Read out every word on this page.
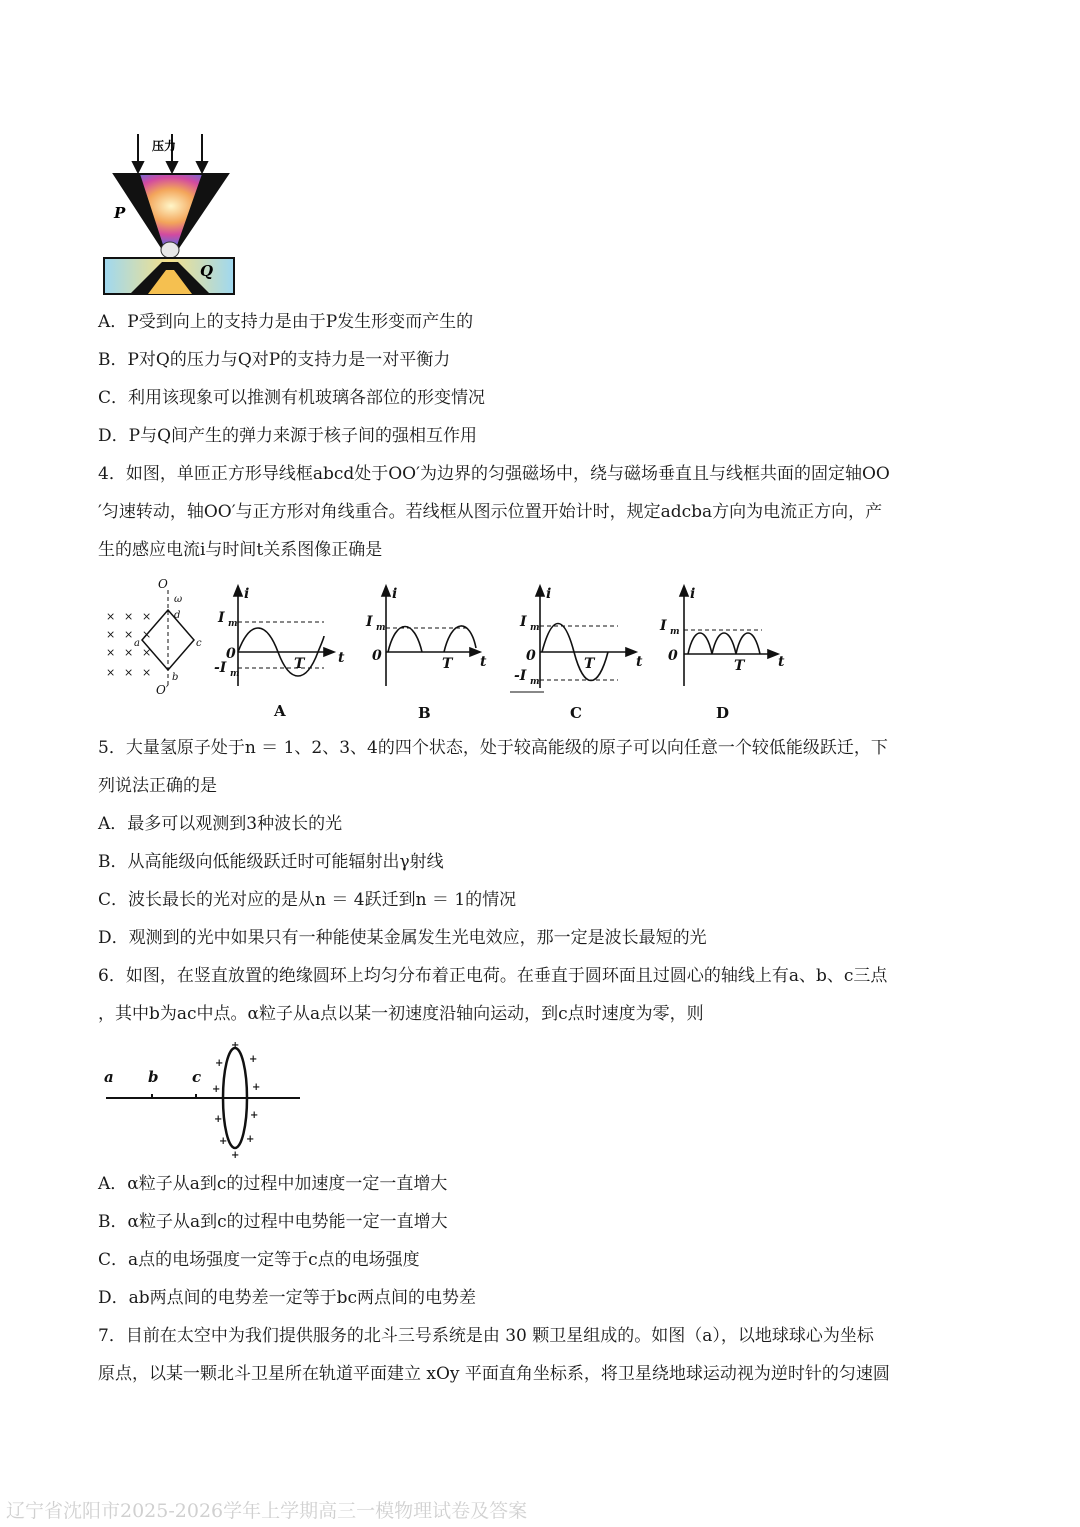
压力
P
Q
A．P受到向上的支持力是由于P发生形变而产生的
B．P对Q的压力与Q对P的支持力是一对平衡力
C．利用该现象可以推测有机玻璃各部位的形变情况
D．P与Q间产生的弹力来源于核子间的强相互作用
4．如图，单匝正方形导线框abcd处于OO′为边界的匀强磁场中，绕与磁场垂直且与线框共面的固定轴OO
′匀速转动，轴OO′与正方形对角线重合。若线框从图示位置开始计时，规定adcba方向为电流正方向，产
生的感应电流i与时间t关系图像正确是
× × ×
× × ×
× × ×
× × ×
O
ω
O′
d
c
a
b
i
t
I m
0
-I m
T
i
t
I m
0	T
i
t
I m
0
-I m
T
i
t
I m
0
T
A	B	C	D
5．大量氢原子处于n ＝ 1、2、3、4的四个状态，处于较高能级的原子可以向任意一个较低能级跃迁，下
列说法正确的是
A．最多可以观测到3种波长的光
B．从高能级向低能级跃迁时可能辐射出γ射线
C．波长最长的光对应的是从n ＝ 4跃迁到n ＝ 1的情况
D．观测到的光中如果只有一种能使某金属发生光电效应，那一定是波长最短的光
6．如图，在竖直放置的绝缘圆环上均匀分布着正电荷。在垂直于圆环面且过圆心的轴线上有a、b、c三点
，其中b为ac中点。α粒子从a点以某一初速度沿轴向运动，到c点时速度为零，则
a b c
+
+
+
+
+
+
+
+
+
+
A．α粒子从a到c的过程中加速度一定一直增大
B．α粒子从a到c的过程中电势能一定一直增大
C．a点的电场强度一定等于c点的电场强度
D．ab两点间的电势差一定等于bc两点间的电势差
7．目前在太空中为我们提供服务的北斗三号系统是由 30 颗卫星组成的。如图（a），以地球球心为坐标
原点，以某一颗北斗卫星所在轨道平面建立 xOy 平面直角坐标系，将卫星绕地球运动视为逆时针的匀速圆
辽宁省沈阳市2025-2026学年上学期高三一模物理试卷及答案
